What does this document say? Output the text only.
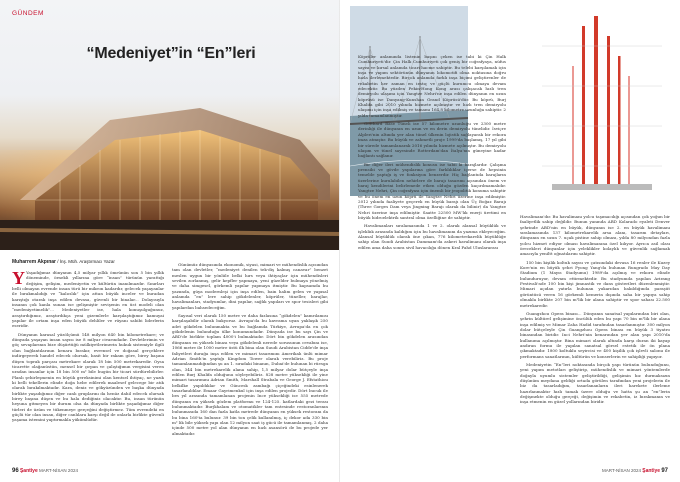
GÜNDEM
“Medeniyet”in “En”leri
Muharrem Akpınar / İnş. Müh. Araştırmacı Yazar
Y Yaşadığımız dünyanın 4,5 milyar yıllık ömrünün son 5 bin yıllık döneminde, örnekli yıllarına göre “insan” türünün yarattığı değişim, gelişim, medeniyetin ve kültürün inanılmazdır. Sınırları belli olmayan evrende insan türü bir mikron kadardır, gelecek yaşayanlar ile bırakmalıdığı ve “kalıcılık” için attan büyük inceler ve buradan karıştığı otarak inşa edilen devasa, güvenli bir binalar... Dolayısıyla insanın çok kanla sunan ise gelişmiştir sevişenin en üst modeli olan “medeniyetimelik”... Medeniyetler ise, hala konuşulguğunuz, araştırdığımız, araştırdıkça yeni gizemlerle karşılaştığımız kamuyai yapılar ile ortam inşa eden büyük dehliler ve rüyanı sahibi liderlerin eseridir.

Dünyanın karasal yüzölçümü 148 milyon 640 bin kilometrekare; ve dünyada yaşayan insan sayısı ise 8 milyar civarındadır. Devletlerimin ve göç sevaplarının bize düşürtüğü mülkiyetlerimerin hukuk sistemiyle ilgili olan bağlantılarının kenara bırakır, evrensel ve doğasal gerçeklere indirgeyerek handel edecek olursak, basit bir rakam göre, birey başına düşen toprak parçası metrekare olarak 18 bin 500 metrekaredir. Oysa ticarette olağanüstün, mensel bir çırpan ve çalıştığımın vergisini veren uradan insanlar için 18 bin 500 m² bile bugün bir ticari sürdürebilirler. Planlı şehirleşmenin en büyük gereksinimi olan kentsel ihtiyaç, ne yazık ki belli tekellerin elinde doğa hebe edilerek maalesef gelecege bir atık olarak bırakılmaktadır. Kara, deniz ve gökyüzünden ve başka dünyada birlikte yaşadığımız diğer canlı gruplarını da henüz dahil edecek olursak birey başına düşen ve bu hala dediğiniz olacaktır. Bu, insan türünün heyuna gitmeyen bir durum olsa da dünyada birlikte yaşadığımız diğer türleri de üzüm ve tükenmeye gerçeğini değiştirmez. Tüm evrendeki en güçlü tür olan insan, diğer canlılara karşı değil de onlarla birlikte güvenli yaşama istemini yaptırmakla yükümlüdür.

Günümüz dünyasında ekonomik, siyasi, mimari ve mühendislik açısından tam olan devletler, “medeniyet denilen tek-diş kalmış canavar” benzet meslen uygun bir yönlüle belki hırs veya ihtiyaçlar için mühendisleri sevilen zorlanmış, gelir kepfler yapmaya, yeni güzelder bulmaya yönelmiş ve daha simgesel, görkemli yapılar yapmaya itmiştir. Bu kapsamda bu yazıında, güya modernleşi için inşa edilen, bain halim gelen ve yapısal anlamda “en” lere sahip gökdelenler, köprüler, tüneller, barajlar, havalimanları, stadyumlar, dini yapılar, sağlık yapıları ve spor tesisleri gibi yapılardan bahsedeceğim.

Sayısal veri olarak 150 metre ve daha fazlasına “gökdelen” kamrılamısı karşılaşabilir olarak bakyoruz. Avrupa'da bu kavrama uyan yaklaşık 250 adet gökdelen bulunmakta ve bu bağlamda Türkiye, Avrupa'da en çok gökdelenin bulunduğu ülke konumundadır. Dünyada ise bu sayı Çin ve ABD'de birlikte toplam 4000'i bulmaktadır. Dört bin gökdelen arasından dünyanın en yüksek binası veya gökdelenli nerede sorusunun cevabını ise, 1066 metre ile 1000 metre üstü ilk bina olan Suudi Arabistan Cidde'de inşa faliyetleri durağa inşa edilen ve mimari tasarımını Amerikalı ünlü mimar Adrian Smith'in yaptığı Kingdom Tower olarak verebiliriz. Bu proje tamamlanmadığından şu an 1. sıradaki binanın, Dubai'de bulunan bi rüesga olan, 344 bin metrekarelik alana sahip, 1,5 milyar dolar bütçeyle inşa edilen Burj Khalifa olduğunu söyleyebiliriz. 828 metre yüksekliği ile yine mimari tasarımını Adrian Smith, Marshall Strabala ve George J. Efstathiou belkilke yapıldıklar ve Güncesk zambağı çiçeğindeki esinlenerek tasarlanıldılar. Emaar Gayrimenkul için inşa edilen projedir. Dört bucuk ile bes yıl arasında tamamlanan projenin Ince yüksekliği ise 555 metrede dünyanın en yüksek gözlem platformu ve 124-125. katlardaki gezi terası bulunmaktadır. Burjkhalam ve otomatikler tam entesinde restoranlarının bulunmasıda 160 dan fazla katla metrede dünyanın en yüksek restoranı da bu bina 160'ta bulunur. 39 bin ton çelik kullanılmış, iç dekor ada 330 bin m² lik bile yüksek yapı olan 12 milyon saat iş gücü ile tamamlanmış, 2 daha içinde 500 metre yol alan dünyanın en hızlı asansörü de bu projede yer almaktadır.

96 Şantiye MART-NİSAN 2024

Köprüler anlamında listenin başını çeken ise tabi ki Çin Halk Cumhuriyeti'dir. Çin Halk Cumhuriyeti çok geniş bir coğrafyaya, nüfus sayısı ve kırsal anlamda ticari hacme sahiptir. Bu telebi karşılamak için inşa ve yapım sektörünün dünyanın lokomotifi olma noktasına doğru hızla ilerlemektedir. Birçok anlamda farklı inşa biçimi geliştirenler de rekabetin her zaman en iratıç ve güçlü kurumcu olmaya devam edecektir. Bu yüzden Pekin-Hong Kong arası çalışacak hızlı tren demiryolu ulaşımı için Yangtze Nehri'ne inşa edilen dünyanın en uzun köprüsü ise Danyang-Kunshan Grand Köprüsü'dür. Bu köprü, Burj Khalifa gibi 2010 yılında hizmete açılmıştır ve hızlı tren demiryolu ulaşımı için inşa edilmiş ve tamamı 164,8 kilometre uzunluğa sahiptir. 2 yılda tamamlanmıştır.

Gotthard Base Tüneli ise 57 kilometre uzunluğu ve 2300 metre derinliği ile dünyanın en uzun ve en derin demiryolu tünelidir. İsviçre Alpleri'nin altında yer alan tünel ülkenin lojistik sağlayarak bir rekora imza atmıştır. Bu büyük ve zahmetli proje 1999'da başlamış, 17 yıl gibi bir sürede tamamlanarak 2016 yılında hizmete açılmıştır. Bu demiryolu ulaşım ve tünel sayesinde Rotterdam'dan İtalya'nın güneyine kadar bağlantı sağlanır.

Bir diğer ileri mühendislik konusu ise tabii ki barajlardır. Çalışma prensibi ve gövde yapılarına göre farklılıklar içerse de hepsinin temelde yaptığı iş ve fonksiyon benzerdir. Hiç bağlantıda barajların üzerlerine kurulabilen nehirlere de barajı tasarımı açısından önem ve baraj kendilerini belirlemede etken olduğu gözden kaçırılmamalıdır. Yangtze Nehri, Çin coğrafyası için önemli bir jeopolitik konuma sahiptir ve bu önem en uzun köprü ile Yangtze Nehri üzerine inşa edilmiştir. 2012 yılında faaliyete geçerek en büyük barajı olan Üç Boğaz Barajı (Three Gorges Dam veya Jingxing Barajı olarak da bilinir) da Yangtze Nehri üzerine inşa edilmiştir. Saatte 22500 MW'lık enerji üretimi en büyük hidroelektrik santral olma özelliğine de sahiptir.

Havalimanları sıralamasında 1 ve 2. olarak alansal büyüklük ve işlekliık arasında kaldığım için bu havalimanını da yazıma ekleyeceğim. Alansal büyüklük olarak öne çıkan, 776 kilometrekarelik büyüklüğe sahip olan Suudi Arabistan Dammam'da askeri havalimanı olarak inşa edilen ama daha sonra sivil havacılığa dönen Kral Fahd Uluslararası

Havalimanı'dır. Bu havalimanı yolcu taşımacılığı açısından çok yoğun bir faaliyetlik sahip değildir. Bunun yanında ABD Kolarado eyaleti Denver şehrinde ABD'nin en büyük, dünyanın ise 2. en büyük havalimanı sıralamasında 137 kilometrekarelik arsa alanı, tasarım detayları, dünyanın en uzun 7. uçak pistine sahip olması, yılda 80 milyondan fazla yolcu hizmet ediyor olması havalimanına özel kılıyor. Ayrıca asil olası örecekleri dünyanlar için yeleklikler kolaylık ve güvenlik sağlamak amacıyla yeniltt oğnatılarını sahiptir.

150 bin kişilik koltuk sayısı ve çatısındaki devasa 16 renler ile Kuzey Kore'nin en büyük şehri Pyong Yang'da bulunan Rungrado May Day Stadium (1 Mayıs Stadyumu) 1989'da açılmış ve rekoru elinde bulunduruyor, devam ettirmektedir. Bu stadyumda yapılan Arirang Festivali'nde 100 bin kişi jimnastik ve dans gösterileri düzenlenmiştir. Mimari açıdan yatırla bulunan yukarıdan bakıldığında paraşüt görüntüsü veren 16 görkemli kemerin dışında saha bir yapıya sahip olmakla birlikte 207 bin m²lik bir alana sahiptir ve spor sahası 22.500 metrekaredir.

Guangzhou Opera binası... Dünyanın sanatsal yapılarından biri olan, şehrin kültürel gelişimine öncülük eden bu yapı 70 bin m²lik bir alana inşa edilmiş ve Mimar Zaha Hadid tarafından tasarlanmıştır. 300 milyon dolar bütçeleyle Çin Guangzhou Opera binası en büyük 3 tiyatro binasından biridir. Inci Nehri'nin kenarından yer alan yapı 2010'da kullanıma açılmıştır. Bina mimari olarak altında karşı duran iki kayap andıran formu ile yapılan sanatsal görsel estetik ile ön plana çıkmaktadır. 1800 koltuklu seyircisi ve 400 kişilik çok işlevli salonu ile performans sanatlarının, kültürün ve konserlerin ve sahipliği yapıyor.

Medeniyetin “En”leri noktasında birçok yapı türünün bulunduğunu, yeni yapım metotları geliştirip, mühendislik ve mimari yöntemlerde doğayla uyumlu sistemler geliştirildiği, gelişimin hız durmaksızın düşünüm meydana geldiği ortada görülen tarafından yeni projelerin ile biz da tasarladığım, tasarlananların ileri harekete ilerleme hazırlanmaktır hızlı tamak üzere olduğu ve hatta şu an “en”lerin değişmekte olduğu gerçeği, değişimin ve rekabetin, iz bırakmanın ve inşa etmenin en güzel yollarından biridir.

MART-NİSAN 2024 Şantiye 97
